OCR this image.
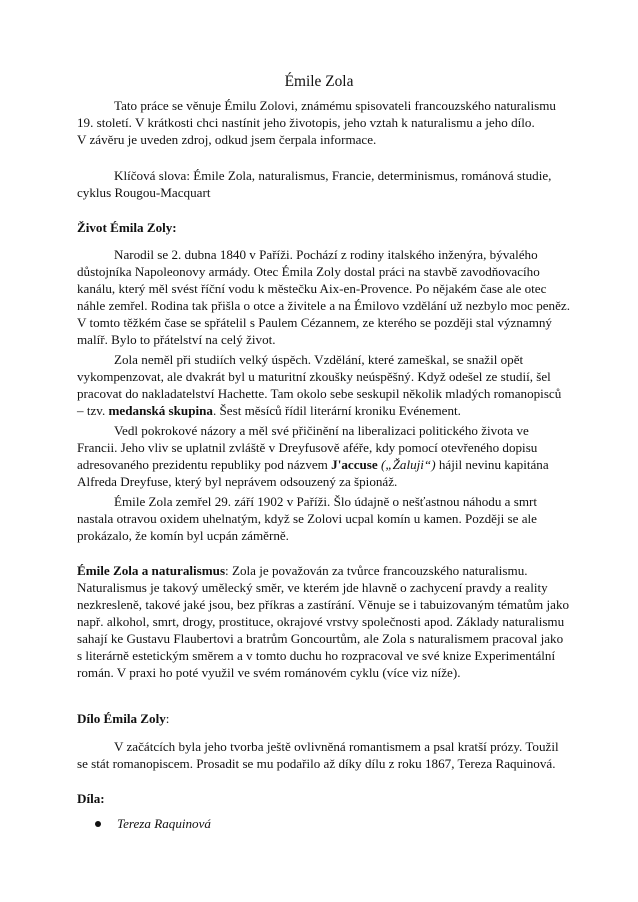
Émile Zola
Tato práce se věnuje Émilu Zolovi, známému spisovateli francouzského naturalismu
19. století. V krátkosti chci nastínit jeho životopis, jeho vztah k naturalismu a jeho dílo.
V závěru je uveden zdroj, odkud jsem čerpala informace.
Klíčová slova: Émile Zola, naturalismus, Francie, determinismus, románová studie,
cyklus Rougou-Macquart
Život Émila Zoly:
Narodil se 2. dubna 1840 v Paříži. Pochází z rodiny italského inženýra, bývalého
důstojníka Napoleonovy armády. Otec Émila Zoly dostal práci na stavbě zavodňovacího
kanálu, který měl svést říční vodu k městečku Aix-en-Provence. Po nějakém čase ale otec
náhle zemřel. Rodina tak přišla o otce a živitele a na Émilovo vzdělání už nezbylo moc peněz.
V tomto těžkém čase se spřátelil s Paulem Cézannem, ze kterého se později stal významný
malíř. Bylo to přátelství na celý život.
Zola neměl při studiích velký úspěch. Vzdělání, které zameškal, se snažil opět
vykompenzovat, ale dvakrát byl u maturitní zkoušky neúspěšný. Když odešel ze studií, šel
pracovat do nakladatelství Hachette. Tam okolo sebe seskupil několik mladých romanopisců
– tzv. medanská skupina. Šest měsíců řídil literární kroniku Evénement.
Vedl pokrokové názory a měl své přičinění na liberalizaci politického života ve
Francii. Jeho vliv se uplatnil zvláště v Dreyfusově aféře, kdy pomocí otevřeného dopisu
adresovaného prezidentu republiky pod názvem J'accuse („Žaluji“) hájil nevinu kapitána
Alfreda Dreyfuse, který byl neprávem odsouzený za špionáž.
Émile Zola zemřel 29. září 1902 v Paříži. Šlo údajně o nešťastnou náhodu a smrt
nastala otravou oxidem uhelnatým, když se Zolovi ucpal komín u kamen. Později se ale
prokázalo, že komín byl ucpán záměrně.
Émile Zola a naturalismus: Zola je považován za tvůrce francouzského naturalismu.
Naturalismus je takový umělecký směr, ve kterém jde hlavně o zachycení pravdy a reality
nezkresleně, takové jaké jsou, bez příkras a zastírání. Věnuje se i tabuizovaným tématům jako
např. alkohol, smrt, drogy, prostituce, okrajové vrstvy společnosti apod. Základy naturalismu
sahají ke Gustavu Flaubertovi a bratrům Goncourtům, ale Zola s naturalismem pracoval jako
s literárně estetickým směrem a v tomto duchu ho rozpracoval ve své knize Experimentální
román. V praxi ho poté využil ve svém románovém cyklu (více viz níže).
Dílo Émila Zoly:
V začátcích byla jeho tvorba ještě ovlivněná romantismem a psal kratší prózy. Toužil
se stát romanopiscem. Prosadit se mu podařilo až díky dílu z roku 1867, Tereza Raquinová.
Díla:
Tereza Raquinová
